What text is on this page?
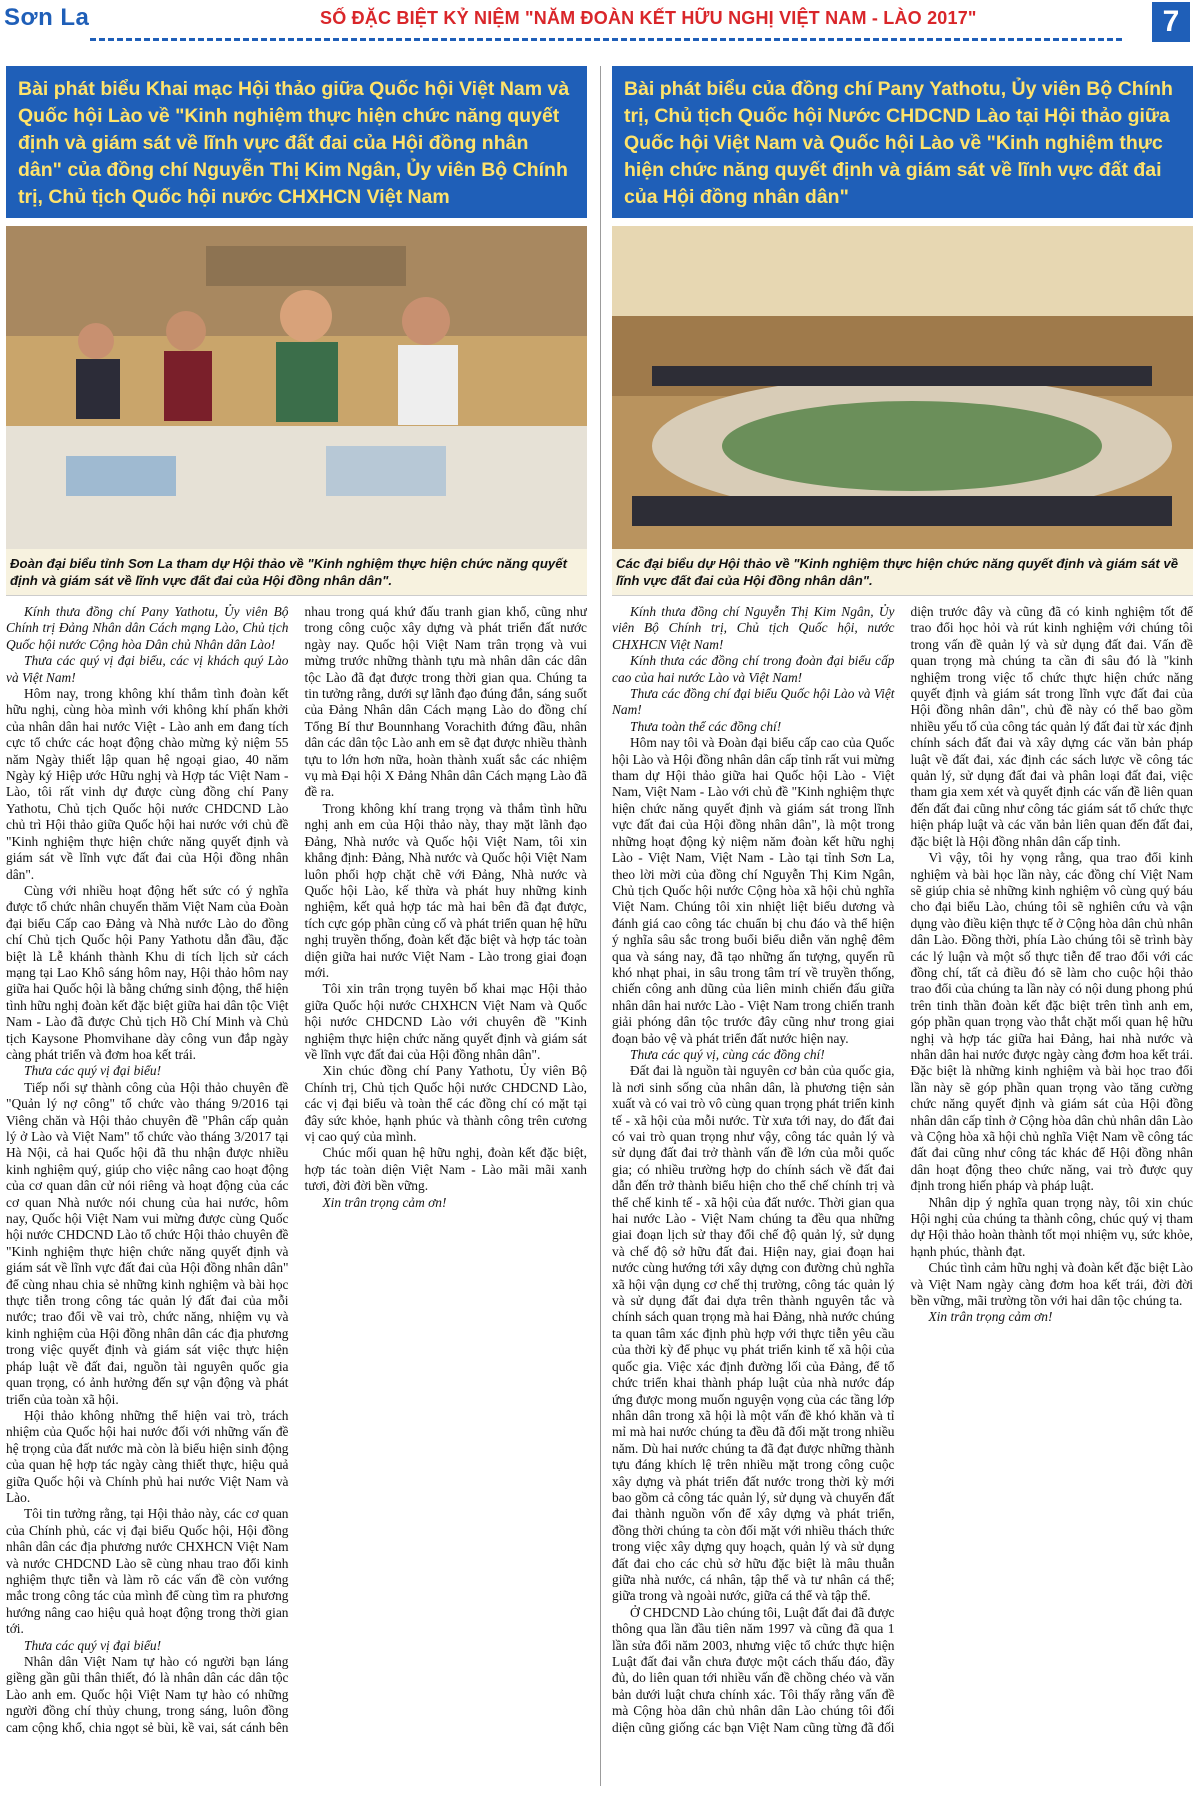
Sơn La	SỐ ĐẶC BIỆT KỶ NIỆM "NĂM ĐOÀN KẾT HỮU NGHỊ VIỆT NAM - LÀO 2017"	7
Bài phát biểu Khai mạc Hội thảo giữa Quốc hội Việt Nam và Quốc hội Lào về "Kinh nghiệm thực hiện chức năng quyết định và giám sát về lĩnh vực đất đai của Hội đồng nhân dân" của đồng chí Nguyễn Thị Kim Ngân, Ủy viên Bộ Chính trị, Chủ tịch Quốc hội nước CHXHCN Việt Nam
Đoàn đại biểu tỉnh Sơn La tham dự Hội thảo về "Kinh nghiệm thực hiện chức năng quyết định và giám sát về lĩnh vực đất đai của Hội đồng nhân dân".

Kính thưa đồng chí Pany Yathotu, Ủy viên Bộ Chính trị Đảng Nhân dân Cách mạng Lào, Chủ tịch Quốc hội nước Cộng hòa Dân chủ Nhân dân Lào!

Thưa các quý vị đại biểu, các vị khách quý Lào và Việt Nam!

Hôm nay, trong không khí thắm tình đoàn kết hữu nghị, cùng hòa mình với không khí phấn khởi của nhân dân hai nước Việt - Lào anh em đang tích cực tổ chức các hoạt động chào mừng kỷ niệm 55 năm Ngày thiết lập quan hệ ngoại giao, 40 năm Ngày ký Hiệp ước Hữu nghị và Hợp tác Việt Nam - Lào, tôi rất vinh dự được cùng đồng chí Pany Yathotu, Chủ tịch Quốc hội nước CHDCND Lào chủ trì Hội thảo giữa Quốc hội hai nước với chủ đề "Kinh nghiệm thực hiện chức năng quyết định và giám sát về lĩnh vực đất đai của Hội đồng nhân dân".

Cùng với nhiều hoạt động hết sức có ý nghĩa được tổ chức nhân chuyến thăm Việt Nam của Đoàn đại biểu Cấp cao Đảng và Nhà nước Lào do đồng chí Chủ tịch Quốc hội Pany Yathotu dẫn đầu, đặc biệt là Lễ khánh thành Khu di tích lịch sử cách mạng tại Lao Khô sáng hôm nay, Hội thảo hôm nay giữa hai Quốc hội là bằng chứng sinh động, thể hiện tình hữu nghị đoàn kết đặc biệt giữa hai dân tộc Việt Nam - Lào đã được Chủ tịch Hồ Chí Minh và Chủ tịch Kaysone Phomvihane dày công vun đắp ngày càng phát triển và đơm hoa kết trái.

Thưa các quý vị đại biểu!

Tiếp nối sự thành công của Hội thảo chuyên đề "Quản lý nợ công" tổ chức vào tháng 9/2016 tại Viêng chăn và Hội thảo chuyên đề "Phân cấp quản lý ở Lào và Việt Nam" tổ chức vào tháng 3/2017 tại Hà Nội, cả hai Quốc hội đã thu nhận được nhiều kinh nghiệm quý, giúp cho việc nâng cao hoạt động của cơ quan dân cử nói riêng và hoạt động của các cơ quan Nhà nước nói chung của hai nước, hôm nay, Quốc hội Việt Nam vui mừng được cùng Quốc hội nước CHDCND Lào tổ chức Hội thảo chuyên đề "Kinh nghiệm thực hiện chức năng quyết định và giám sát về lĩnh vực đất đai của Hội đồng nhân dân" để cùng nhau chia sẻ những kinh nghiệm và bài học thực tiễn trong công tác quản lý đất đai của mỗi nước; trao đổi về vai trò, chức năng, nhiệm vụ và kinh nghiệm của Hội đồng nhân dân các địa phương trong việc quyết định và giám sát việc thực hiện pháp luật về đất đai, nguồn tài nguyên quốc gia quan trọng, có ảnh hưởng đến sự vận động và phát triển của toàn xã hội.

Hội thảo không những thể hiện vai trò, trách nhiệm của Quốc hội hai nước đối với những vấn đề hệ trọng của đất nước mà còn là biểu hiện sinh động của quan hệ hợp tác ngày càng thiết thực, hiệu quả giữa Quốc hội và Chính phủ hai nước Việt Nam và Lào.

Tôi tin tưởng rằng, tại Hội thảo này, các cơ quan của Chính phủ, các vị đại biểu Quốc hội, Hội đồng nhân dân các địa phương nước CHXHCN Việt Nam và nước CHDCND Lào sẽ cùng nhau trao đổi kinh nghiệm thực tiễn và làm rõ các vấn đề còn vướng mắc trong công tác của mình để cùng tìm ra phương hướng nâng cao hiệu quả hoạt động trong thời gian tới.

Thưa các quý vị đại biểu!

Nhân dân Việt Nam tự hào có người bạn láng giềng gần gũi thân thiết, đó là nhân dân các dân tộc Lào anh em. Quốc hội Việt Nam tự hào có những người đồng chí thủy chung, trong sáng, luôn đồng cam cộng khổ, chia ngọt sẻ bùi, kề vai, sát cánh bên nhau trong quá khứ đấu tranh gian khổ, cũng như trong công cuộc xây dựng và phát triển đất nước ngày nay. Quốc hội Việt Nam trân trọng và vui mừng trước những thành tựu mà nhân dân các dân tộc Lào đã đạt được trong thời gian qua. Chúng ta tin tưởng rằng, dưới sự lãnh đạo đúng đắn, sáng suốt của Đảng Nhân dân Cách mạng Lào do đồng chí Tổng Bí thư Bounnhang Vorachith đứng đầu, nhân dân các dân tộc Lào anh em sẽ đạt được nhiều thành tựu to lớn hơn nữa, hoàn thành xuất sắc các nhiệm vụ mà Đại hội X Đảng Nhân dân Cách mạng Lào đã đề ra.

Trong không khí trang trọng và thắm tình hữu nghị anh em của Hội thảo này, thay mặt lãnh đạo Đảng, Nhà nước và Quốc hội Việt Nam, tôi xin khẳng định: Đảng, Nhà nước và Quốc hội Việt Nam luôn phối hợp chặt chẽ với Đảng, Nhà nước và Quốc hội Lào, kế thừa và phát huy những kinh nghiệm, kết quả hợp tác mà hai bên đã đạt được, tích cực góp phần củng cố và phát triển quan hệ hữu nghị truyền thống, đoàn kết đặc biệt và hợp tác toàn diện giữa hai nước Việt Nam - Lào trong giai đoạn mới.

Tôi xin trân trọng tuyên bố khai mạc Hội thảo giữa Quốc hội nước CHXHCN Việt Nam và Quốc hội nước CHDCND Lào với chuyên đề "Kinh nghiệm thực hiện chức năng quyết định và giám sát về lĩnh vực đất đai của Hội đồng nhân dân".

Xin chúc đồng chí Pany Yathotu, Ủy viên Bộ Chính trị, Chủ tịch Quốc hội nước CHDCND Lào, các vị đại biểu và toàn thể các đồng chí có mặt tại đây sức khỏe, hạnh phúc và thành công trên cương vị cao quý của mình.

Chúc mối quan hệ hữu nghị, đoàn kết đặc biệt, hợp tác toàn diện Việt Nam - Lào mãi mãi xanh tươi, đời đời bền vững.

Xin trân trọng cảm ơn!

Bài phát biểu của đồng chí Pany Yathotu, Ủy viên Bộ Chính trị, Chủ tịch Quốc hội Nước CHDCND Lào tại Hội thảo giữa Quốc hội Việt Nam và Quốc hội Lào về "Kinh nghiệm thực hiện chức năng quyết định và giám sát về lĩnh vực đất đai của Hội đồng nhân dân"
Các đại biểu dự Hội thảo về "Kinh nghiệm thực hiện chức năng quyết định và giám sát về lĩnh vực đất đai của Hội đồng nhân dân".

Kính thưa đồng chí Nguyễn Thị Kim Ngân, Ủy viên Bộ Chính trị, Chủ tịch Quốc hội, nước CHXHCN Việt Nam!

Kính thưa các đồng chí trong đoàn đại biểu cấp cao của hai nước Lào và Việt Nam!

Thưa các đồng chí đại biểu Quốc hội Lào và Việt Nam!

Thưa toàn thể các đồng chí!

Hôm nay tôi và Đoàn đại biểu cấp cao của Quốc hội Lào và Hội đồng nhân dân cấp tỉnh rất vui mừng tham dự Hội thảo giữa hai Quốc hội Lào - Việt Nam, Việt Nam - Lào với chủ đề "Kinh nghiệm thực hiện chức năng quyết định và giám sát trong lĩnh vực đất đai của Hội đồng nhân dân", là một trong những hoạt động kỷ niệm năm đoàn kết hữu nghị Lào - Việt Nam, Việt Nam - Lào tại tỉnh Sơn La, theo lời mời của đồng chí Nguyễn Thị Kim Ngân, Chủ tịch Quốc hội nước Cộng hòa xã hội chủ nghĩa Việt Nam. Chúng tôi xin nhiệt liệt biểu dương và đánh giá cao công tác chuẩn bị chu đáo và thể hiện ý nghĩa sâu sắc trong buổi biểu diễn văn nghệ đêm qua và sáng nay, đã tạo những ấn tượng, quyến rũ khó nhạt phai, in sâu trong tâm trí về truyền thống, chiến công anh dũng của liên minh chiến đấu giữa nhân dân hai nước Lào - Việt Nam trong chiến tranh giải phóng dân tộc trước đây cũng như trong giai đoạn bảo vệ và phát triển đất nước hiện nay.

Thưa các quý vị, cùng các đồng chí!

Đất đai là nguồn tài nguyên cơ bản của quốc gia, là nơi sinh sống của nhân dân, là phương tiện sản xuất và có vai trò vô cùng quan trọng phát triển kinh tế - xã hội của mỗi nước. Từ xưa tới nay, do đất đai có vai trò quan trọng như vậy, công tác quản lý và sử dụng đất đai trở thành vấn đề lớn của mỗi quốc gia; có nhiều trường hợp do chính sách về đất đai dẫn đến trở thành biểu hiện cho thể chế chính trị và thể chế kinh tế - xã hội của đất nước. Thời gian qua hai nước Lào - Việt Nam chúng ta đều qua những giai đoạn lịch sử thay đổi chế độ quản lý, sử dụng và chế độ sở hữu đất đai. Hiện nay, giai đoạn hai nước cùng hướng tới xây dựng con đường chủ nghĩa xã hội vận dụng cơ chế thị trường, công tác quản lý và sử dụng đất đai dựa trên thành nguyên tắc và chính sách quan trọng mà hai Đảng, nhà nước chúng ta quan tâm xác định phù hợp với thực tiễn yêu cầu của thời kỳ để phục vụ phát triển kinh tế xã hội của quốc gia. Việc xác định đường lối của Đảng, để tổ chức triển khai thành pháp luật của nhà nước đáp ứng được mong muốn nguyện vọng của các tầng lớp nhân dân trong xã hội là một vấn đề khó khăn và tỉ mỉ mà hai nước chúng ta đều đã đối mặt trong nhiều năm. Dù hai nước chúng ta đã đạt được những thành tựu đáng khích lệ trên nhiều mặt trong công cuộc xây dựng và phát triển đất nước trong thời kỳ mới bao gồm cả công tác quản lý, sử dụng và chuyển đất đai thành nguồn vốn để xây dựng và phát triển, đồng thời chúng ta còn đối mặt với nhiều thách thức trong việc xây dựng quy hoạch, quản lý và sử dụng đất đai cho các chủ sở hữu đặc biệt là mâu thuẫn giữa nhà nước, cá nhân, tập thể và tư nhân cá thể; giữa trong và ngoài nước, giữa cá thể và tập thể.

Ở CHDCND Lào chúng tôi, Luật đất đai đã được thông qua lần đầu tiên năm 1997 và cũng đã qua 1 lần sửa đổi năm 2003, nhưng việc tổ chức thực hiện Luật đất đai vẫn chưa được một cách thấu đáo, đầy đủ, do liên quan tới nhiều vấn đề chồng chéo và văn bản dưới luật chưa chính xác. Tôi thấy rằng vấn đề mà Cộng hòa dân chủ nhân dân Lào chúng tôi đối diện cũng giống các bạn Việt Nam cũng từng đã đối diện trước đây và cũng đã có kinh nghiệm tốt để trao đổi học hỏi và rút kinh nghiệm với chúng tôi trong vấn đề quản lý và sử dụng đất đai. Vấn đề quan trọng mà chúng ta cần đi sâu đó là "kinh nghiệm trong việc tổ chức thực hiện chức năng quyết định và giám sát trong lĩnh vực đất đai của Hội đồng nhân dân", chủ đề này có thể bao gồm nhiều yếu tố của công tác quản lý đất đai từ xác định chính sách đất đai và xây dựng các văn bản pháp luật về đất đai, xác định các sách lược về công tác quản lý, sử dụng đất đai và phân loại đất đai, việc tham gia xem xét và quyết định các vấn đề liên quan đến đất đai cũng như công tác giám sát tổ chức thực hiện pháp luật và các văn bản liên quan đến đất đai, đặc biệt là Hội đồng nhân dân cấp tỉnh.

Vì vậy, tôi hy vọng rằng, qua trao đổi kinh nghiệm và bài học lần này, các đồng chí Việt Nam sẽ giúp chia sẻ những kinh nghiệm vô cùng quý báu cho đại biểu Lào, chúng tôi sẽ nghiên cứu và vận dụng vào điều kiện thực tế ở Cộng hòa dân chủ nhân dân Lào. Đồng thời, phía Lào chúng tôi sẽ trình bày các lý luận và một số thực tiễn để trao đổi với các đồng chí, tất cả điều đó sẽ làm cho cuộc hội thảo trao đổi của chúng ta lần này có nội dung phong phú trên tinh thần đoàn kết đặc biệt trên tình anh em, góp phần quan trọng vào thắt chặt mối quan hệ hữu nghị và hợp tác giữa hai Đảng, hai nhà nước và nhân dân hai nước được ngày càng đơm hoa kết trái. Đặc biệt là những kinh nghiệm và bài học trao đổi lần này sẽ góp phần quan trọng vào tăng cường chức năng quyết định và giám sát của Hội đồng nhân dân cấp tỉnh ở Cộng hòa dân chủ nhân dân Lào và Cộng hòa xã hội chủ nghĩa Việt Nam về công tác đất đai cũng như công tác khác để Hội đồng nhân dân hoạt động theo chức năng, vai trò được quy định trong hiến pháp và pháp luật.

Nhân dịp ý nghĩa quan trọng này, tôi xin chúc Hội nghị của chúng ta thành công, chúc quý vị tham dự Hội thảo hoàn thành tốt mọi nhiệm vụ, sức khỏe, hạnh phúc, thành đạt.

Chúc tình cảm hữu nghị và đoàn kết đặc biệt Lào và Việt Nam ngày càng đơm hoa kết trái, đời đời bền vững, mãi trường tồn với hai dân tộc chúng ta.

Xin trân trọng cảm ơn!
